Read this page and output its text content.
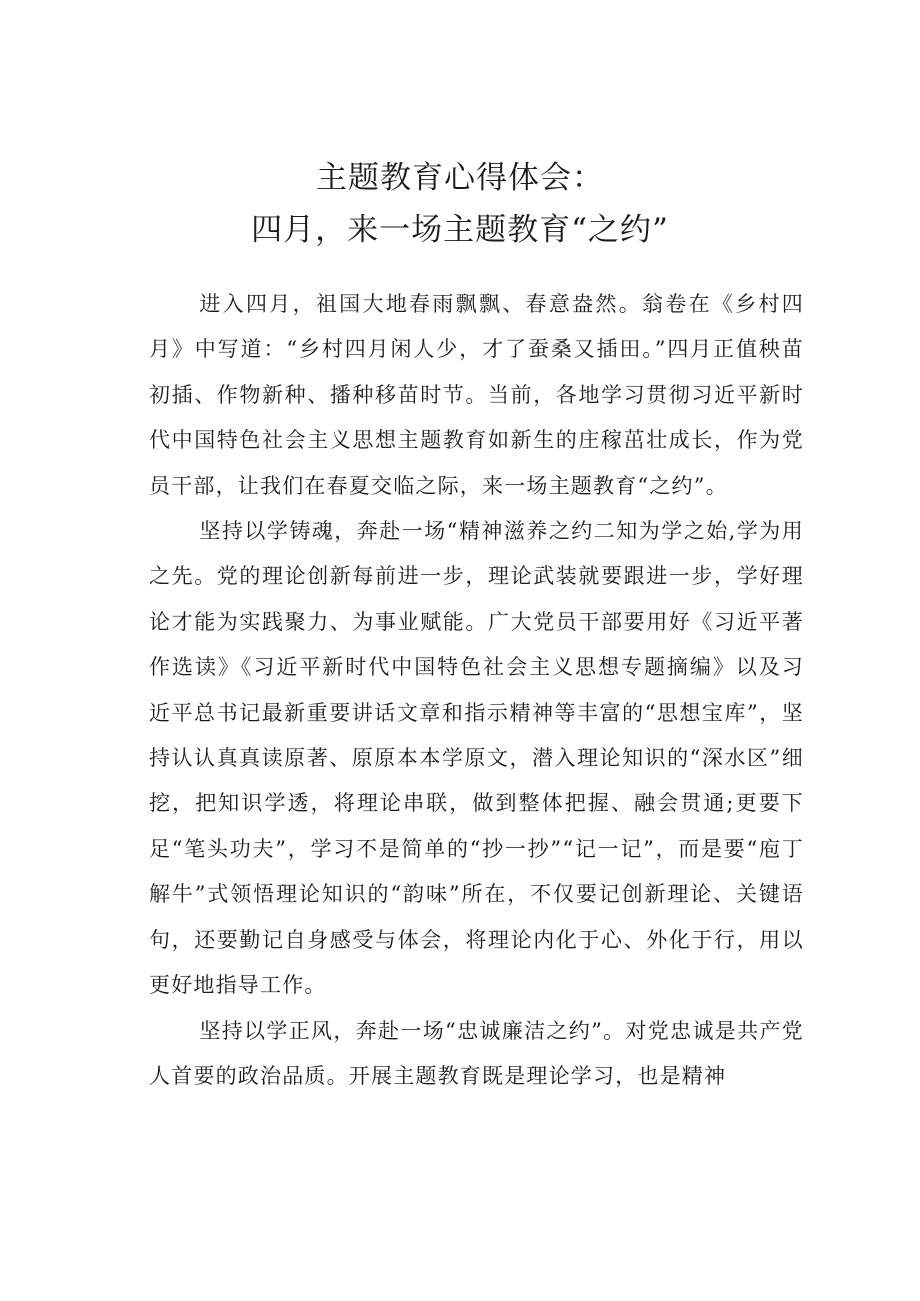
主题教育心得体会：
四月，来一场主题教育“之约”

进入四月，祖国大地春雨飘飘、春意盎然。翁卷在《乡村四月》中写道：“乡村四月闲人少，才了蚕桑又插田。”四月正值秧苗初插、作物新种、播种移苗时节。当前，各地学习贯彻习近平新时代中国特色社会主义思想主题教育如新生的庄稼茁壮成长，作为党员干部，让我们在春夏交临之际，来一场主题教育“之约”。

坚持以学铸魂，奔赴一场“精神滋养之约二知为学之始,学为用之先。党的理论创新每前进一步，理论武装就要跟进一步，学好理论才能为实践聚力、为事业赋能。广大党员干部要用好《习近平著作选读》《习近平新时代中国特色社会主义思想专题摘编》以及习近平总书记最新重要讲话文章和指示精神等丰富的“思想宝库”，坚持认认真真读原著、原原本本学原文，潜入理论知识的“深水区”细挖，把知识学透，将理论串联，做到整体把握、融会贯通;更要下足“笔头功夫”，学习不是简单的“抄一抄”“记一记”，而是要“庖丁解牛”式领悟理论知识的“韵味”所在，不仅要记创新理论、关键语句，还要勤记自身感受与体会，将理论内化于心、外化于行，用以更好地指导工作。

坚持以学正风，奔赴一场“忠诚廉洁之约”。对党忠诚是共产党人首要的政治品质。开展主题教育既是理论学习，也是精神
